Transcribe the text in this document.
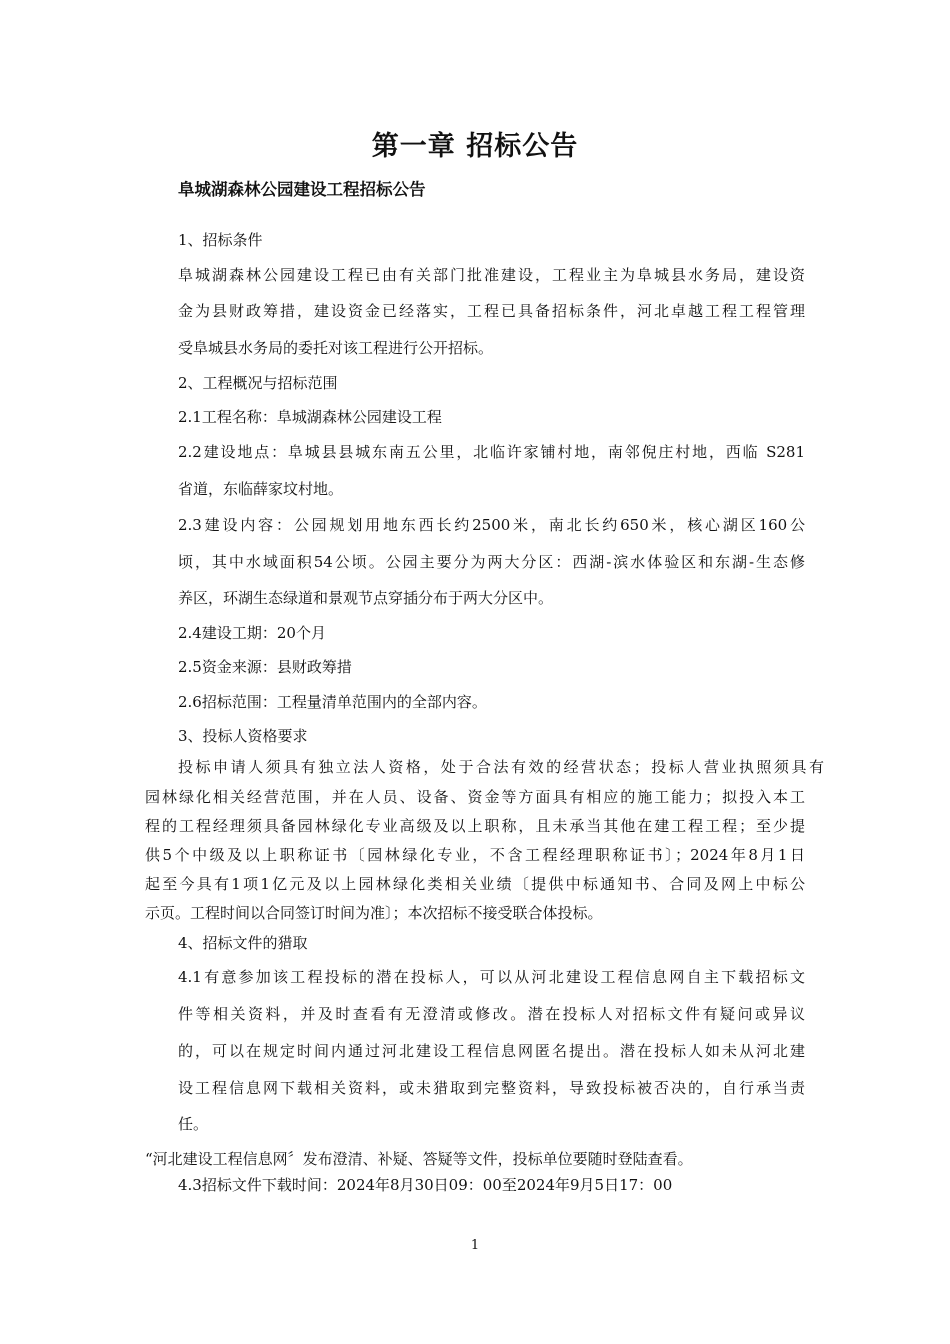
第一章 招标公告
阜城湖森林公园建设工程招标公告

1、招标条件

阜城湖森林公园建设工程已由有关部门批准建设，工程业主为阜城县水务局，建设资

金为县财政筹措，建设资金已经落实，工程已具备招标条件，河北卓越工程工程管理

受阜城县水务局的委托对该工程进行公开招标。

2、工程概况与招标范围

2.1工程名称：阜城湖森林公园建设工程

2.2建设地点：阜城县县城东南五公里，北临许家铺村地，南邻倪庄村地，西临 S281

省道，东临薛家坟村地。

2.3建设内容：公园规划用地东西长约2500米，南北长约650米，核心湖区160公

顷，其中水域面积54公顷。公园主要分为两大分区：西湖-滨水体验区和东湖-生态修

养区，环湖生态绿道和景观节点穿插分布于两大分区中。

2.4建设工期：20个月

2.5资金来源：县财政筹措

2.6招标范围：工程量清单范围内的全部内容。

3、投标人资格要求

投标申请人须具有独立法人资格，处于合法有效的经营状态；投标人营业执照须具有

园林绿化相关经营范围，并在人员、设备、资金等方面具有相应的施工能力；拟投入本工

程的工程经理须具备园林绿化专业高级及以上职称，且未承当其他在建工程工程；至少提

供5个中级及以上职称证书〔园林绿化专业，不含工程经理职称证书〕；2024年8月1日

起至今具有1项1亿元及以上园林绿化类相关业绩〔提供中标通知书、合同及网上中标公

示页。工程时间以合同签订时间为准〕；本次招标不接受联合体投标。

4、招标文件的猎取

4.1有意参加该工程投标的潜在投标人，可以从河北建设工程信息网自主下载招标文

件等相关资料，并及时查看有无澄清或修改。潜在投标人对招标文件有疑问或异议

的，可以在规定时间内通过河北建设工程信息网匿名提出。潜在投标人如未从河北建

设工程信息网下载相关资料，或未猎取到完整资料，导致投标被否决的，自行承当责

任。

“河北建设工程信息网〞发布澄清、补疑、答疑等文件，投标单位要随时登陆查看。

4.3招标文件下载时间：2024年8月30日09：00至2024年9月5日17：00

1
